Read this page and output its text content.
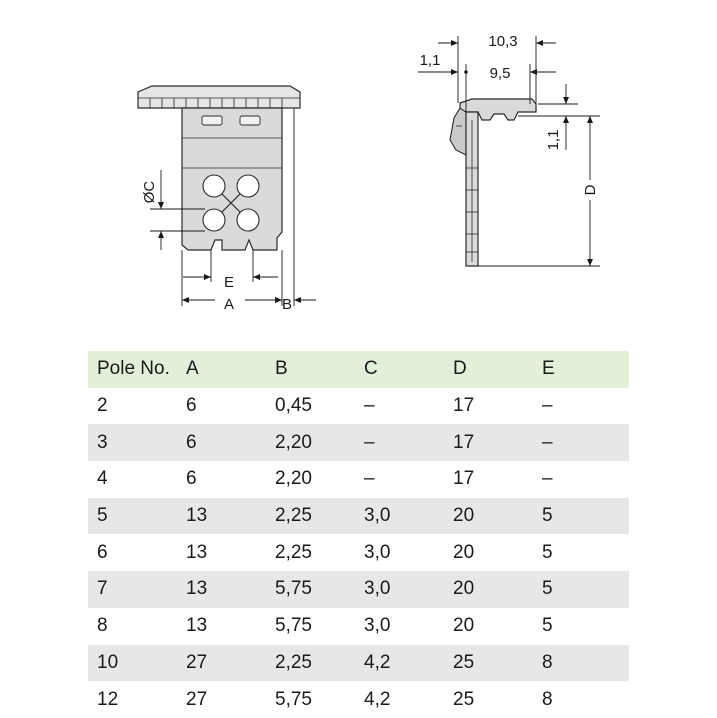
ØC
E
A	B
10,3
9,5
1,1
1,1
D
Pole No.	A	B	C	D	E
2	6	0,45	–	17	–
3	6	2,20	–	17	–
4	6	2,20	–	17	–
5	13	2,25	3,0	20	5
6	13	2,25	3,0	20	5
7	13	5,75	3,0	20	5
8	13	5,75	3,0	20	5
10	27	2,25	4,2	25	8
12	27	5,75	4,2	25	8
